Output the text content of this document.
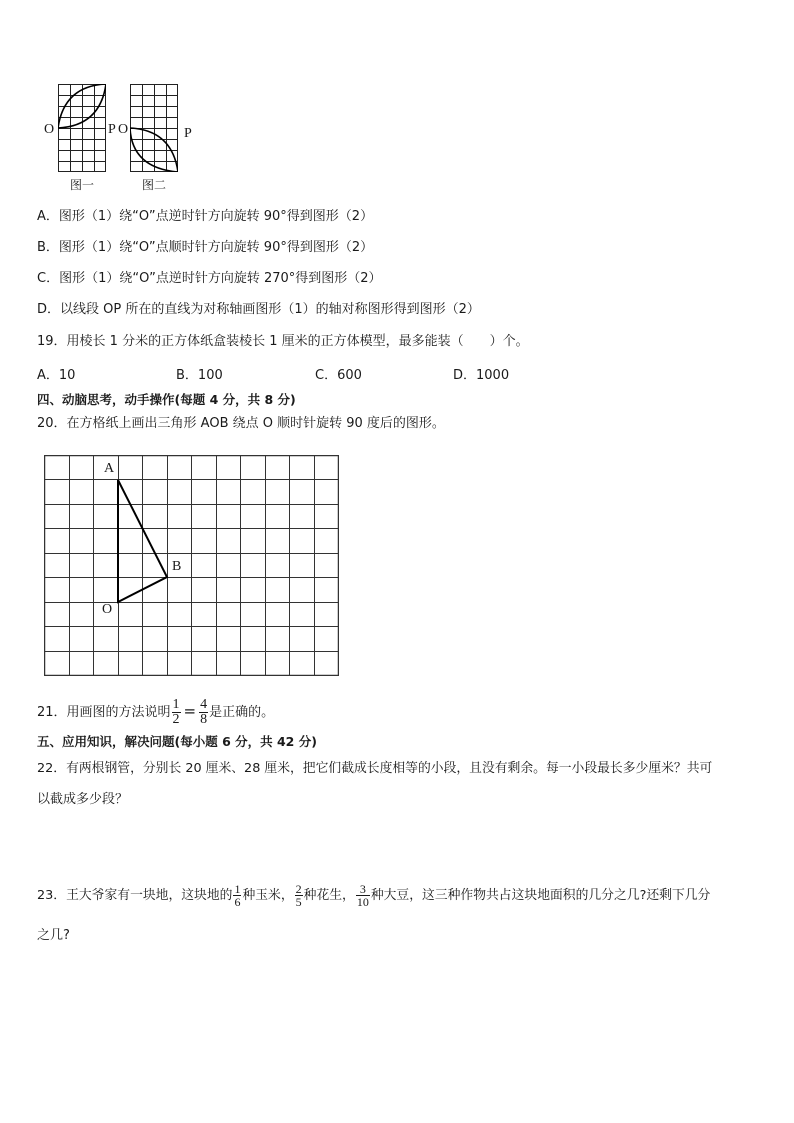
O	P
图一
O	P
图二
A．图形（1）绕“O”点逆时针方向旋转 90°得到图形（2）
B．图形（1）绕“O”点顺时针方向旋转 90°得到图形（2）
C．图形（1）绕“O”点逆时针方向旋转 270°得到图形（2）
D．以线段 OP 所在的直线为对称轴画图形（1）的轴对称图形得到图形（2）
19．用棱长 1 分米的正方体纸盒装棱长 1 厘米的正方体模型，最多能装（　　）个。
A．10	B．100	C．600	D．1000
四、动脑思考，动手操作(每题 4 分，共 8 分)
20．在方格纸上画出三角形 AOB 绕点 O 顺时针旋转 90 度后的图形。
A
B
O
21．用画图的方法说明 $\frac{1}{2} = \frac{4}{8}$ 是正确的。
五、应用知识，解决问题(每小题 6 分，共 42 分)
22．有两根钢管，分别长 20 厘米、28 厘米，把它们截成长度相等的小段，且没有剩余。每一小段最长多少厘米？共可
以截成多少段？
23．王大爷家有一块地，这块地的 $\frac{1}{6}$ 种玉米， $\frac{2}{5}$ 种花生， $\frac{3}{10}$ 种大豆，这三种作物共占这块地面积的几分之几?还剩下几分
之几?
